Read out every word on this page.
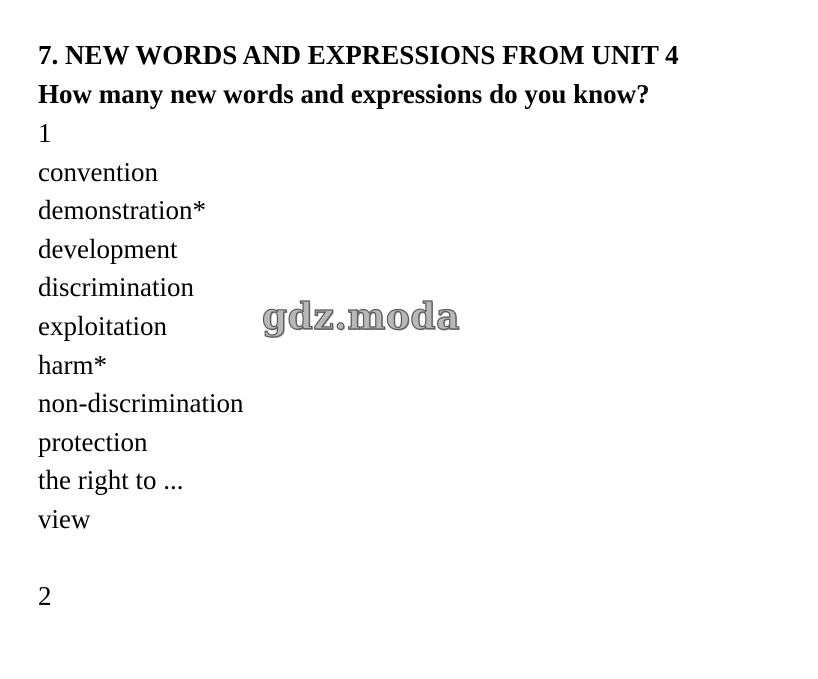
7. NEW WORDS AND EXPRESSIONS FROM UNIT 4

How many new words and expressions do you know?

1

convention

demonstration*

development

discrimination

exploitation

harm*

non-discrimination

protection

the right to ...

view

2

gdz.moda
